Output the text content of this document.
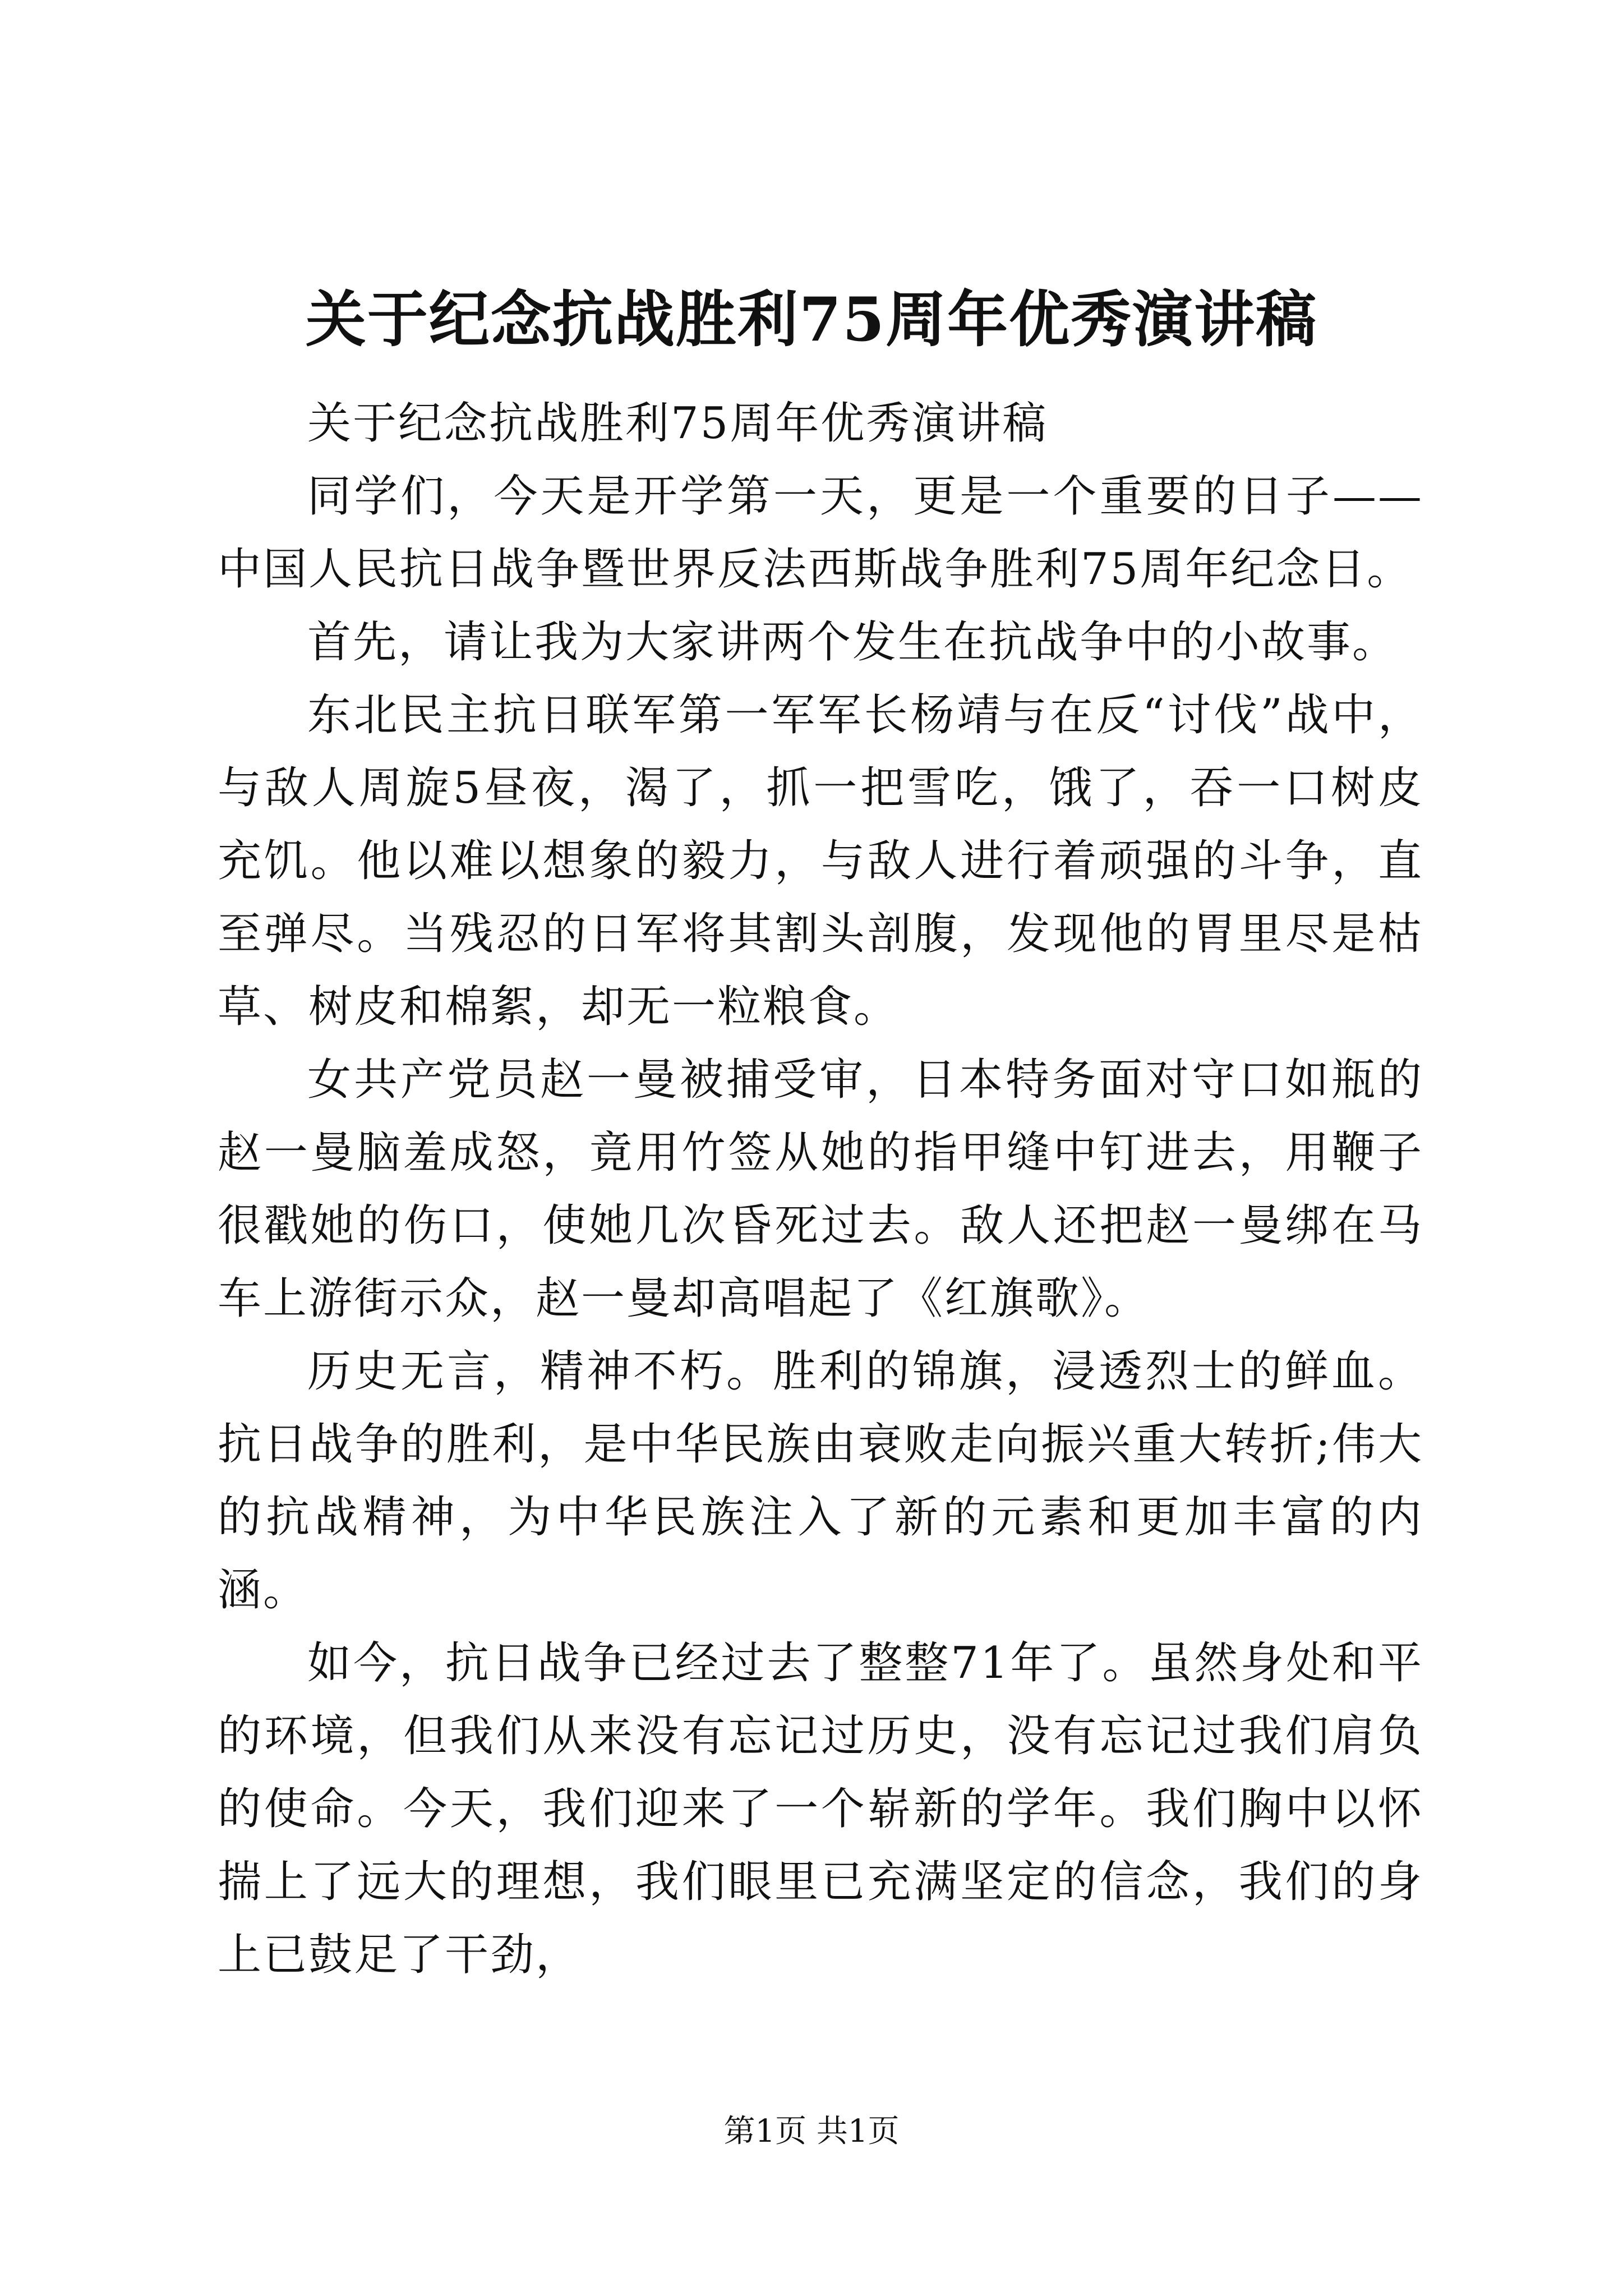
关于纪念抗战胜利75周年优秀演讲稿

关于纪念抗战胜利75周年优秀演讲稿

同学们，今天是开学第一天，更是一个重要的日子——中国人民抗日战争暨世界反法西斯战争胜利75周年纪念日。

首先，请让我为大家讲两个发生在抗战争中的小故事。

东北民主抗日联军第一军军长杨靖与在反“讨伐”战中，与敌人周旋5昼夜，渴了，抓一把雪吃，饿了，吞一口树皮充饥。他以难以想象的毅力，与敌人进行着顽强的斗争，直至弹尽。当残忍的日军将其割头剖腹，发现他的胃里尽是枯草、树皮和棉絮，却无一粒粮食。

女共产党员赵一曼被捕受审，日本特务面对守口如瓶的赵一曼脑羞成怒，竟用竹签从她的指甲缝中钉进去，用鞭子很戳她的伤口，使她几次昏死过去。敌人还把赵一曼绑在马车上游街示众，赵一曼却高唱起了《红旗歌》。

历史无言，精神不朽。胜利的锦旗，浸透烈士的鲜血。抗日战争的胜利，是中华民族由衰败走向振兴重大转折;伟大的抗战精神，为中华民族注入了新的元素和更加丰富的内涵。

如今，抗日战争已经过去了整整71年了。虽然身处和平的环境，但我们从来没有忘记过历史，没有忘记过我们肩负的使命。今天，我们迎来了一个崭新的学年。我们胸中以怀揣上了远大的理想，我们眼里已充满坚定的信念，我们的身上已鼓足了干劲，

第1页 共1页
